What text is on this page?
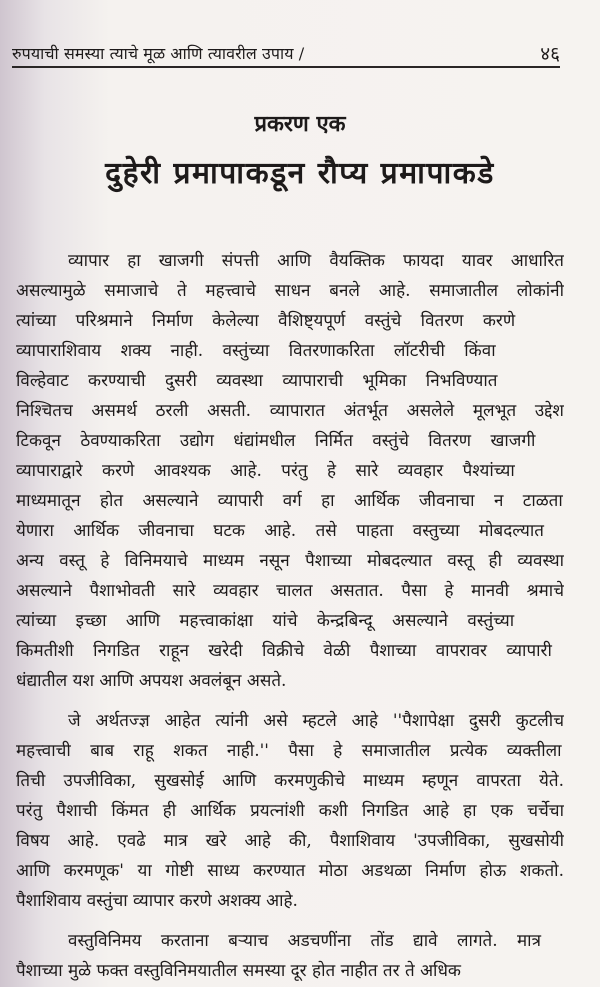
रुपयाची समस्या त्याचे मूळ आणि त्यावरील उपाय /	४६
प्रकरण एक
दुहेरी प्रमापाकडून रौप्य प्रमापाकडे
व्यापार हा खाजगी संपत्ती आणि वैयक्तिक फायदा यावर आधारित
असल्यामुळे समाजाचे ते महत्त्वाचे साधन बनले आहे. समाजातील लोकांनी
त्यांच्या परिश्रमाने निर्माण केलेल्या वैशिष्ट्यपूर्ण वस्तुंचे वितरण करणे
व्यापाराशिवाय शक्य नाही. वस्तुंच्या वितरणाकरिता लॉटरीची किंवा
विल्हेवाट करण्याची दुसरी व्यवस्था व्यापाराची भूमिका निभविण्यात
निश्चितच असमर्थ ठरली असती. व्यापारात अंतर्भूत असलेले मूलभूत उद्देश
टिकवून ठेवण्याकरिता उद्योग धंद्यांमधील निर्मित वस्तुंचे वितरण खाजगी
व्यापाराद्वारे करणे आवश्यक आहे. परंतु हे सारे व्यवहार पैश्यांच्या
माध्यमातून होत असल्याने व्यापारी वर्ग हा आर्थिक जीवनाचा न टाळता
येणारा आर्थिक जीवनाचा घटक आहे. तसे पाहता वस्तुच्या मोबदल्यात
अन्य वस्तू हे विनिमयाचे माध्यम नसून पैशाच्या मोबदल्यात वस्तू ही व्यवस्था
असल्याने पैशाभोवती सारे व्यवहार चालत असतात. पैसा हे मानवी श्रमाचे
त्यांच्या इच्छा आणि महत्त्वाकांक्षा यांचे केन्द्रबिन्दू असल्याने वस्तुंच्या
किमतीशी निगडित राहून खरेदी विक्रीचे वेळी पैशाच्या वापरावर व्यापारी
धंद्यातील यश आणि अपयश अवलंबून असते.
जे अर्थतज्ज्ञ आहेत त्यांनी असे म्हटले आहे ''पैशापेक्षा दुसरी कुटलीच
महत्त्वाची बाब राहू शकत नाही.'' पैसा हे समाजातील प्रत्येक व्यक्तीला
तिची उपजीविका, सुखसोई आणि करमणुकीचे माध्यम म्हणून वापरता येते.
परंतु पैशाची किंमत ही आर्थिक प्रयत्नांशी कशी निगडित आहे हा एक चर्चेचा
विषय आहे. एवढे मात्र खरे आहे की, पैशाशिवाय 'उपजीविका, सुखसोयी
आणि करमणूक' या गोष्टी साध्य करण्यात मोठा अडथळा निर्माण होऊ शकतो.
पैशाशिवाय वस्तुंचा व्यापार करणे अशक्य आहे.
वस्तुविनिमय करताना बऱ्याच अडचणींना तोंड द्यावे लागते. मात्र
पैशाच्या मुळे फक्त वस्तुविनिमयातील समस्या दूर होत नाहीत तर ते अधिक
